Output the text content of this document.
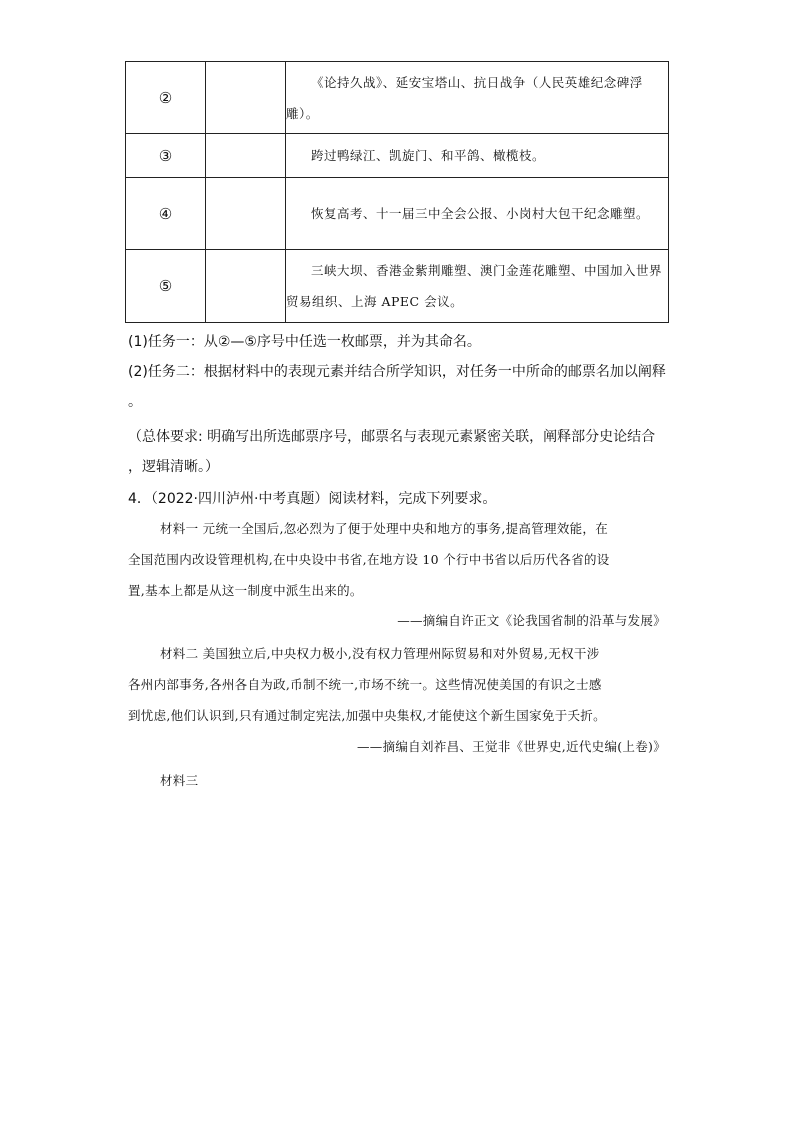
②		《论持久战》、延安宝塔山、抗日战争（人民英雄纪念碑浮雕）。

③		跨过鸭绿江、凯旋门、和平鸽、橄榄枝。

④		恢复高考、十一届三中全会公报、小岗村大包干纪念雕塑。

⑤		三峡大坝、香港金紫荆雕塑、澳门金莲花雕塑、中国加入世界贸易组织、上海 APEC 会议。
(1)任务一：从②—⑤序号中任选一枚邮票，并为其命名。
(2)任务二：根据材料中的表现元素并结合所学知识，对任务一中所命的邮票名加以阐释
。
（总体要求: 明确写出所选邮票序号，邮票名与表现元素紧密关联，阐释部分史论结合
，逻辑清晰。）
4．（2022·四川泸州·中考真题）阅读材料，完成下列要求。
材料一 元统一全国后,忽必烈为了便于处理中央和地方的事务,提高管理效能，在
全国范围内改设管理机构,在中央设中书省,在地方设 10 个行中书省以后历代各省的设
置,基本上都是从这一制度中派生出来的。
——摘编自许正文《论我国省制的沿革与发展》
材料二 美国独立后,中央权力极小,没有权力管理州际贸易和对外贸易,无权干涉
各州内部事务,各州各自为政,币制不统一,市场不统一。这些情况使美国的有识之士感
到忧虑,他们认识到,只有通过制定宪法,加强中央集权,才能使这个新生国家免于夭折。
——摘编自刘祚昌、王觉非《世界史,近代史编(上卷)》
材料三
